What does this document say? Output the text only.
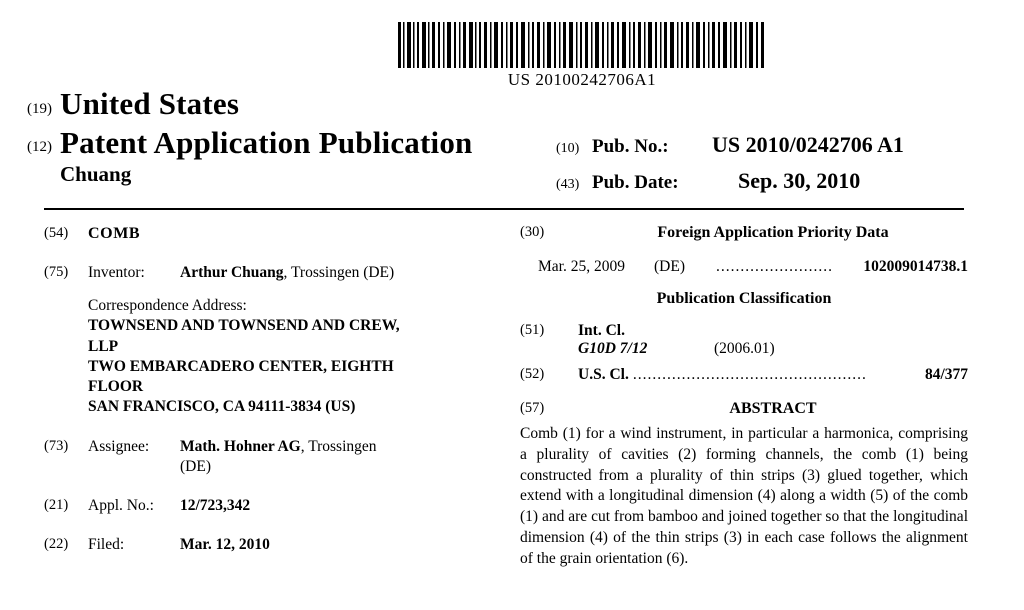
US 20100242706A1
(19) United States
(12) Patent Application Publication
Chuang
(10) Pub. No.:	US 2010/0242706 A1
(43) Pub. Date:	Sep. 30, 2010
(54)	COMB
(75)	Inventor:	Arthur Chuang, Trossingen (DE)
Correspondence Address:
TOWNSEND AND TOWNSEND AND CREW,
LLP
TWO EMBARCADERO CENTER, EIGHTH
FLOOR
SAN FRANCISCO, CA 94111-3834 (US)
(73)	Assignee:	Math. Hohner AG, Trossingen
(DE)
(21)	Appl. No.:	12/723,342
(22)	Filed:	Mar. 12, 2010
(30)	Foreign Application Priority Data
Mar. 25, 2009	(DE)	........................	102009014738.1
Publication Classification
(51)	Int. Cl.
G10D 7/12	(2006.01)
(52)	U.S. Cl. ................................................	84/377
(57)	ABSTRACT
Comb (1) for a wind instrument, in particular a harmonica, comprising a plurality of cavities (2) forming channels, the comb (1) being constructed from a plurality of thin strips (3) glued together, which extend with a longitudinal dimension (4) along a width (5) of the comb (1) and are cut from bamboo and joined together so that the longitudinal dimension (4) of the thin strips (3) in each case follows the alignment of the grain orientation (6).
